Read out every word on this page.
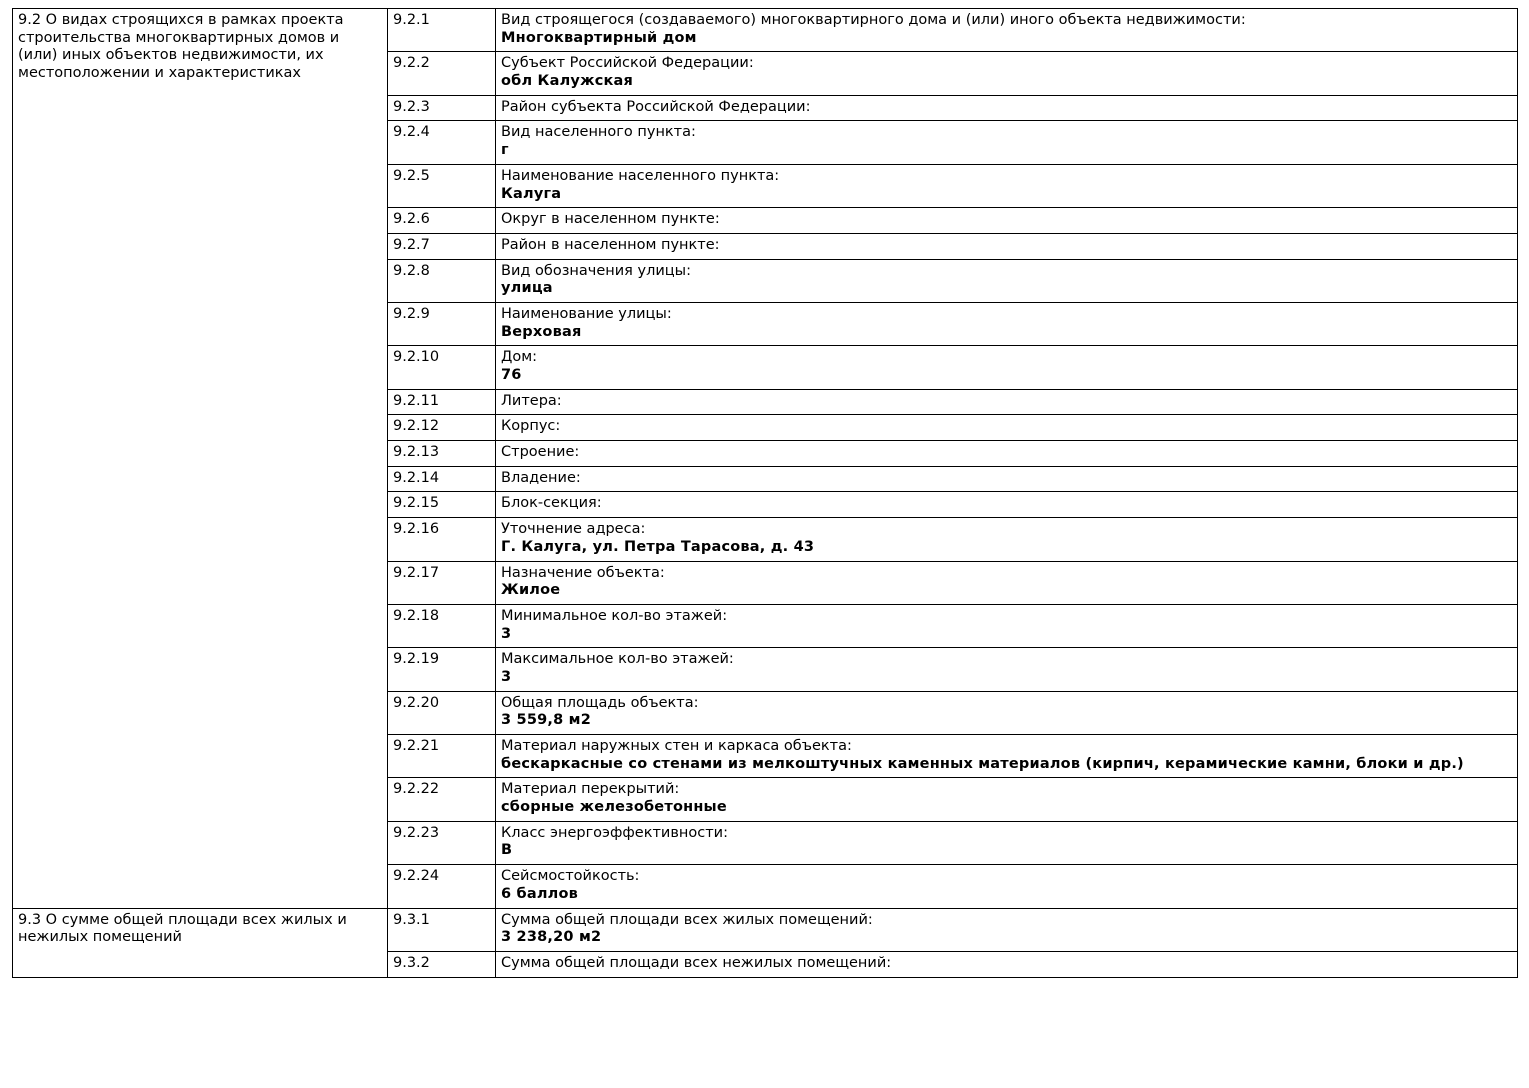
9.2 О видах строящихся в рамках проекта строительства многоквартирных домов и (или) иных объектов недвижимости, их местоположении и характеристиках	9.2.1	Вид строящегося (создаваемого) многоквартирного дома и (или) иного объекта недвижимости:
Многоквартирный дом

	9.2.2	Субъект Российской Федерации:
обл Калужская

	9.2.3	Район субъекта Российской Федерации:

	9.2.4	Вид населенного пункта:
г

	9.2.5	Наименование населенного пункта:
Калуга

	9.2.6	Округ в населенном пункте:

	9.2.7	Район в населенном пункте:

	9.2.8	Вид обозначения улицы:
улица

	9.2.9	Наименование улицы:
Верховая

	9.2.10	Дом:
76

	9.2.11	Литера:

	9.2.12	Корпус:

	9.2.13	Строение:

	9.2.14	Владение:

	9.2.15	Блок-секция:

	9.2.16	Уточнение адреса:
Г. Калуга, ул. Петра Тарасова, д. 43

	9.2.17	Назначение объекта:
Жилое

	9.2.18	Минимальное кол-во этажей:
3

	9.2.19	Максимальное кол-во этажей:
3

	9.2.20	Общая площадь объекта:
3 559,8 м2

	9.2.21	Материал наружных стен и каркаса объекта:
бескаркасные со стенами из мелкоштучных каменных материалов (кирпич, керамические камни, блоки и др.)

	9.2.22	Материал перекрытий:
сборные железобетонные

	9.2.23	Класс энергоэффективности:
В

	9.2.24	Сейсмостойкость:
6 баллов

9.3 О сумме общей площади всех жилых и нежилых помещений	9.3.1	Сумма общей площади всех жилых помещений:
3 238,20 м2

	9.3.2	Сумма общей площади всех нежилых помещений:
